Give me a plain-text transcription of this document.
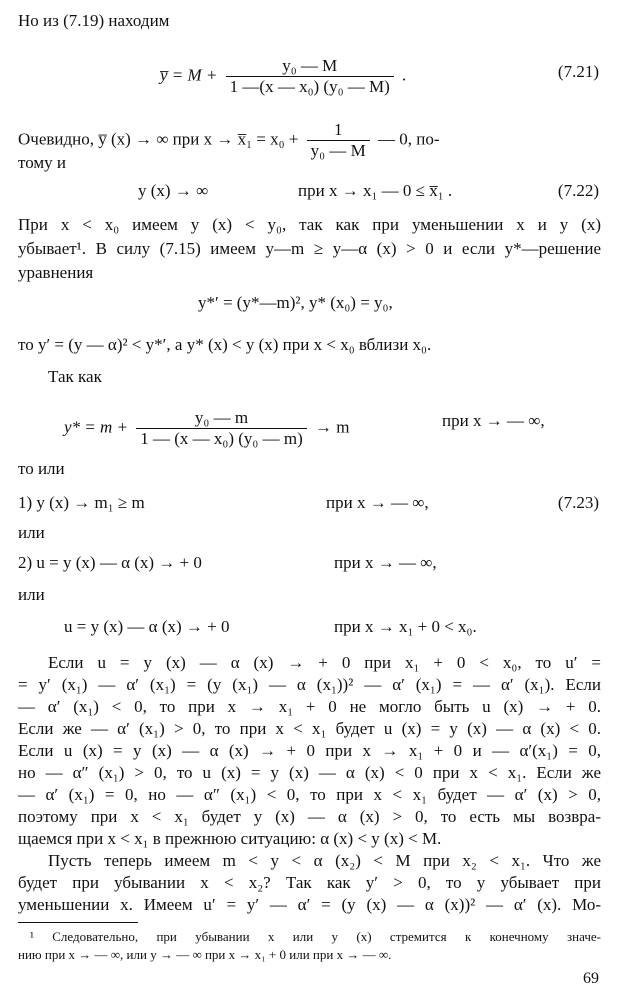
Но из (7.19) находим
y̅ = $M + \frac{\text{y₀ — M}}{\text{1 —(x — x₀) (y₀ — M)}}$ .	(7.21)
Очевидно, y̅ (x) → ∞ при x → x̅₁ = $x_0 + \frac{1}{\text{y₀ — M}}$ — 0, по-
тому и
y (x) → ∞	при x → x₁ — 0 ≤ x̅₁ .	(7.22)
При x < x₀ имеем y (x) < y₀, так как при уменьшении x и y (x)
убывает¹. В силу (7.15) имеем y—m ≥ y—α (x) > 0 и если y*—решение
уравнения
y*′ = (y*—m)², y* (x₀) = y₀,
то y′ = (y — α)² < y*′, а y* (x) < y (x) при x < x₀ вблизи x₀.
Так как
$y* = m + \frac{\text{y₀ — m}}{\text{1 — (x — x₀) (y₀ — m)}} \to m$	при x → — ∞,
то или
1) y (x) → m₁ ≥ m	при x → — ∞,	(7.23)
или
2) u = y (x) — α (x) → + 0	при x → — ∞,
или
u = y (x) — α (x) → + 0	при x → x₁ + 0 < x₀.
Если u = y (x) — α (x) → + 0 при x₁ + 0 < x₀, то u′ =
= y′ (x₁) — α′ (x₁) = (y (x₁) — α (x₁))² — α′ (x₁) = — α′ (x₁). Если
— α′ (x₁) < 0, то при x → x₁ + 0 не могло быть u (x) → + 0.
Если же — α′ (x₁) > 0, то при x < x₁ будет u (x) = y (x) — α (x) < 0.
Если u (x) = y (x) — α (x) → + 0 при x → x₁ + 0 и — α′(x₁) = 0,
но — α″ (x₁) > 0, то u (x) = y (x) — α (x) < 0 при x < x₁. Если же
— α′ (x₁) = 0, но — α″ (x₁) < 0, то при x < x₁ будет — α′ (x) > 0,
поэтому при x < x₁ будет y (x) — α (x) > 0, то есть мы возвра-
щаемся при x < x₁ в прежнюю ситуацию: α (x) < y (x) < M.
Пусть теперь имеем m < y < α (x₂) < M при x₂ < x₁. Что же
будет при убывании x < x₂? Так как y′ > 0, то y убывает при
уменьшении x. Имеем u′ = y′ — α′ = (y (x) — α (x))² — α′ (x). Мо-
¹ Следовательно, при убывании x или y (x) стремится к конечному значе-
нию при x → — ∞, или y → — ∞ при x → x₁ + 0 или при x → — ∞.
69
